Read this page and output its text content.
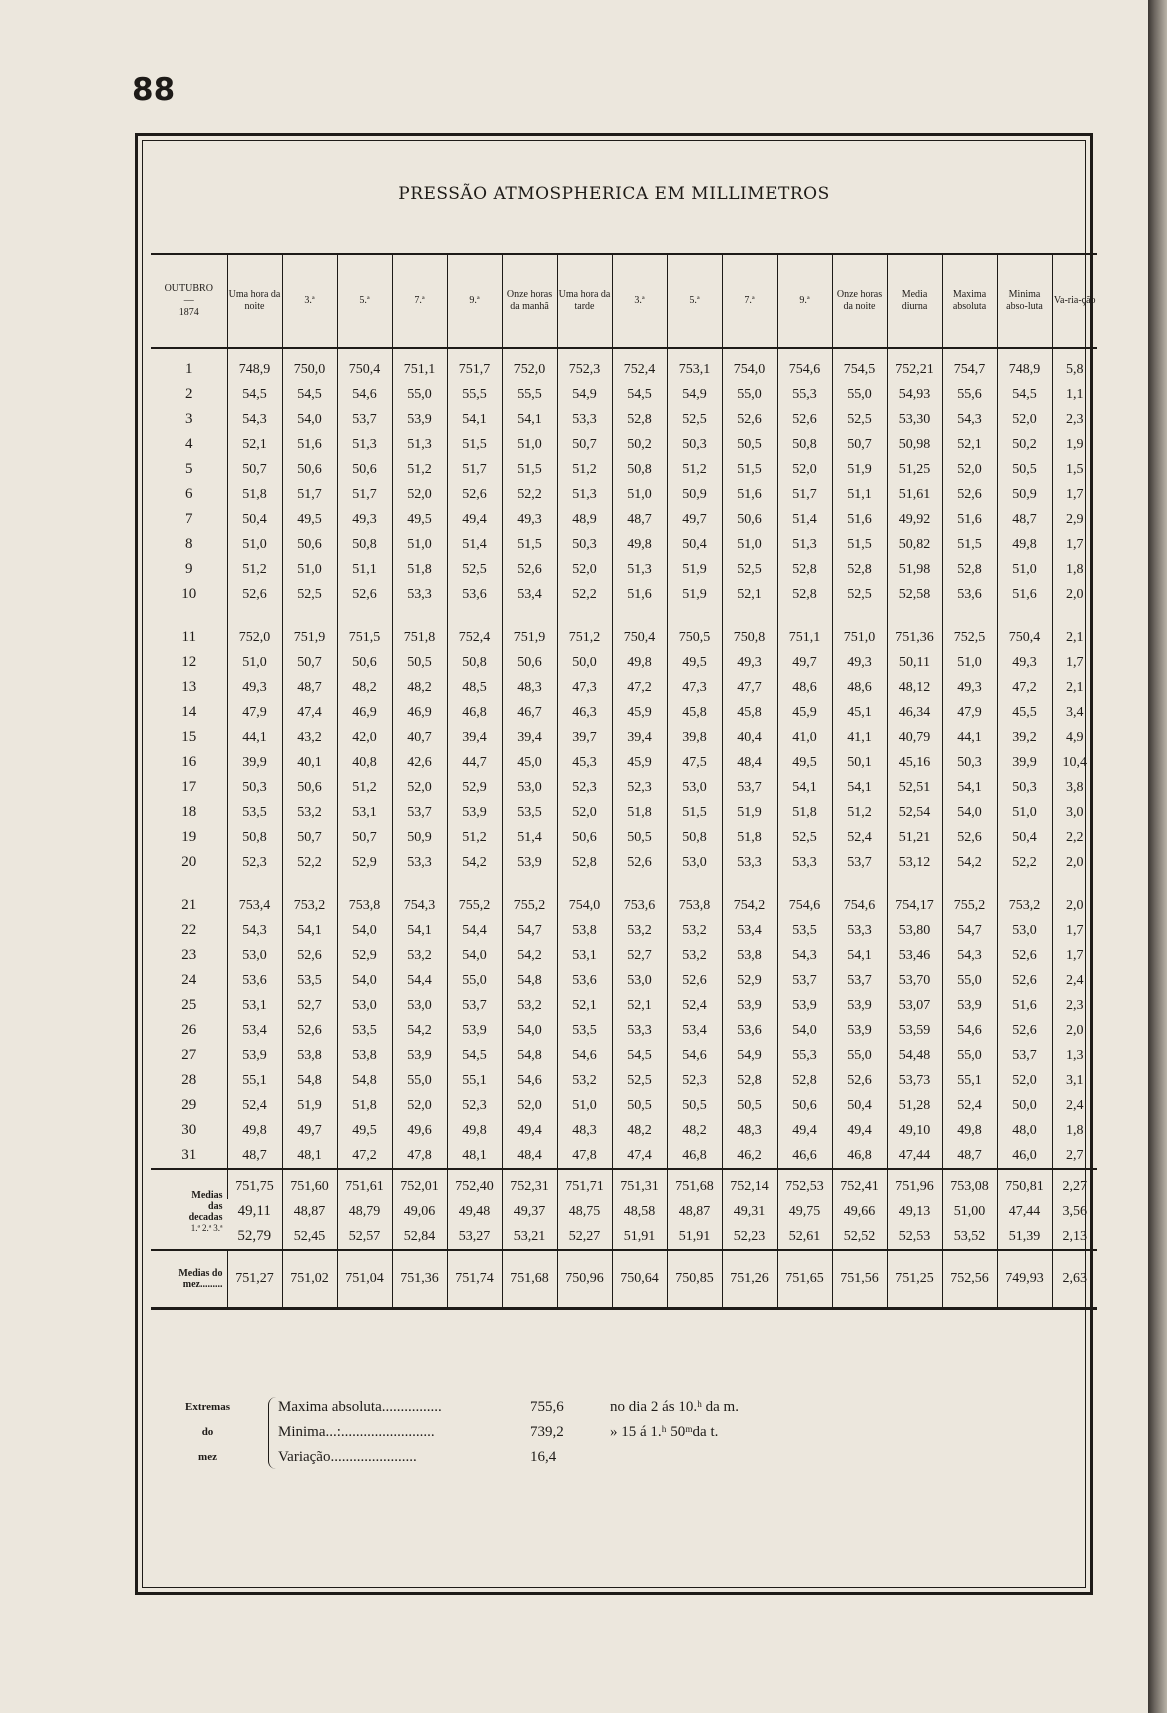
88
PRESSÃO ATMOSPHERICA EM MILLIMETROS
OUTUBRO
—
1874	Uma hora da noite	3.ª	5.ª	7.ª	9.ª	Onze horas da manhã	Uma hora da tarde	3.ª	5.ª	7.ª	9.ª	Onze horas da noite	Media diurna	Maxima absoluta	Minima abso-luta	Va-ria-ção
1	748,9	750,0	750,4	751,1	751,7	752,0	752,3	752,4	753,1	754,0	754,6	754,5	752,21	754,7	748,9	5,8
2	54,5	54,5	54,6	55,0	55,5	55,5	54,9	54,5	54,9	55,0	55,3	55,0	54,93	55,6	54,5	1,1
3	54,3	54,0	53,7	53,9	54,1	54,1	53,3	52,8	52,5	52,6	52,6	52,5	53,30	54,3	52,0	2,3
4	52,1	51,6	51,3	51,3	51,5	51,0	50,7	50,2	50,3	50,5	50,8	50,7	50,98	52,1	50,2	1,9
5	50,7	50,6	50,6	51,2	51,7	51,5	51,2	50,8	51,2	51,5	52,0	51,9	51,25	52,0	50,5	1,5
6	51,8	51,7	51,7	52,0	52,6	52,2	51,3	51,0	50,9	51,6	51,7	51,1	51,61	52,6	50,9	1,7
7	50,4	49,5	49,3	49,5	49,4	49,3	48,9	48,7	49,7	50,6	51,4	51,6	49,92	51,6	48,7	2,9
8	51,0	50,6	50,8	51,0	51,4	51,5	50,3	49,8	50,4	51,0	51,3	51,5	50,82	51,5	49,8	1,7
9	51,2	51,0	51,1	51,8	52,5	52,6	52,0	51,3	51,9	52,5	52,8	52,8	51,98	52,8	51,0	1,8
10	52,6	52,5	52,6	53,3	53,6	53,4	52,2	51,6	51,9	52,1	52,8	52,5	52,58	53,6	51,6	2,0

11	752,0	751,9	751,5	751,8	752,4	751,9	751,2	750,4	750,5	750,8	751,1	751,0	751,36	752,5	750,4	2,1
12	51,0	50,7	50,6	50,5	50,8	50,6	50,0	49,8	49,5	49,3	49,7	49,3	50,11	51,0	49,3	1,7
13	49,3	48,7	48,2	48,2	48,5	48,3	47,3	47,2	47,3	47,7	48,6	48,6	48,12	49,3	47,2	2,1
14	47,9	47,4	46,9	46,9	46,8	46,7	46,3	45,9	45,8	45,8	45,9	45,1	46,34	47,9	45,5	3,4
15	44,1	43,2	42,0	40,7	39,4	39,4	39,7	39,4	39,8	40,4	41,0	41,1	40,79	44,1	39,2	4,9
16	39,9	40,1	40,8	42,6	44,7	45,0	45,3	45,9	47,5	48,4	49,5	50,1	45,16	50,3	39,9	10,4
17	50,3	50,6	51,2	52,0	52,9	53,0	52,3	52,3	53,0	53,7	54,1	54,1	52,51	54,1	50,3	3,8
18	53,5	53,2	53,1	53,7	53,9	53,5	52,0	51,8	51,5	51,9	51,8	51,2	52,54	54,0	51,0	3,0
19	50,8	50,7	50,7	50,9	51,2	51,4	50,6	50,5	50,8	51,8	52,5	52,4	51,21	52,6	50,4	2,2
20	52,3	52,2	52,9	53,3	54,2	53,9	52,8	52,6	53,0	53,3	53,3	53,7	53,12	54,2	52,2	2,0

21	753,4	753,2	753,8	754,3	755,2	755,2	754,0	753,6	753,8	754,2	754,6	754,6	754,17	755,2	753,2	2,0
22	54,3	54,1	54,0	54,1	54,4	54,7	53,8	53,2	53,2	53,4	53,5	53,3	53,80	54,7	53,0	1,7
23	53,0	52,6	52,9	53,2	54,0	54,2	53,1	52,7	53,2	53,8	54,3	54,1	53,46	54,3	52,6	1,7
24	53,6	53,5	54,0	54,4	55,0	54,8	53,6	53,0	52,6	52,9	53,7	53,7	53,70	55,0	52,6	2,4
25	53,1	52,7	53,0	53,0	53,7	53,2	52,1	52,1	52,4	53,9	53,9	53,9	53,07	53,9	51,6	2,3
26	53,4	52,6	53,5	54,2	53,9	54,0	53,5	53,3	53,4	53,6	54,0	53,9	53,59	54,6	52,6	2,0
27	53,9	53,8	53,8	53,9	54,5	54,8	54,6	54,5	54,6	54,9	55,3	55,0	54,48	55,0	53,7	1,3
28	55,1	54,8	54,8	55,0	55,1	54,6	53,2	52,5	52,3	52,8	52,8	52,6	53,73	55,1	52,0	3,1
29	52,4	51,9	51,8	52,0	52,3	52,0	51,0	50,5	50,5	50,5	50,6	50,4	51,28	52,4	50,0	2,4
30	49,8	49,7	49,5	49,6	49,8	49,4	48,3	48,2	48,2	48,3	49,4	49,4	49,10	49,8	48,0	1,8
31	48,7	48,1	47,2	47,8	48,1	48,4	47,8	47,4	46,8	46,2	46,6	46,8	47,44	48,7	46,0	2,7

Medias
das
decadas
1.ª 2.ª 3.ª	751,75	751,60	751,61	752,01	752,40	752,31	751,71	751,31	751,68	752,14	752,53	752,41	751,96	753,08	750,81	2,27
	49,11	48,87	48,79	49,06	49,48	49,37	48,75	48,58	48,87	49,31	49,75	49,66	49,13	51,00	47,44	3,56
	52,79	52,45	52,57	52,84	53,27	53,21	52,27	51,91	51,91	52,23	52,61	52,52	52,53	53,52	51,39	2,13

Medias do
mez.........	751,27	751,02	751,04	751,36	751,74	751,68	750,96	750,64	750,85	751,26	751,65	751,56	751,25	752,56	749,93	2,63
Extremas
do
mez
Maxima absoluta................	755,6	no dia 2 ás 10.ʰ da m.
Minima...:.........................	739,2	» 15 á 1.ʰ 50ᵐda t.
Variação.......................	16,4
